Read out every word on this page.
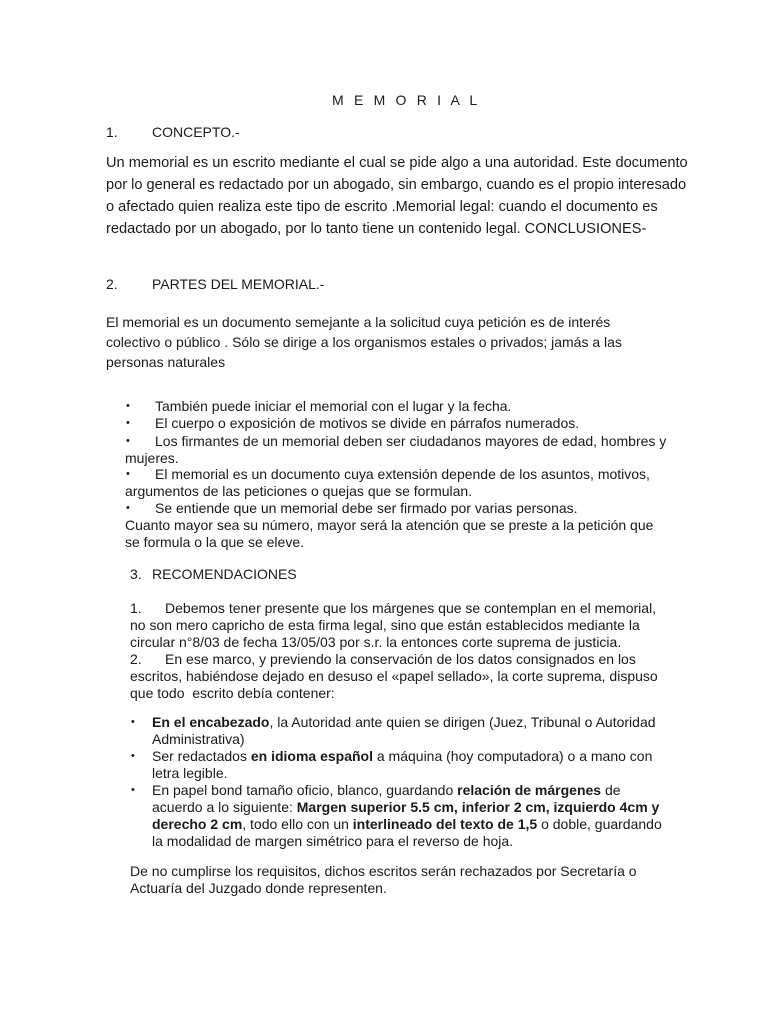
M E M O R I A L
1. CONCEPTO.-
Un memorial es un escrito mediante el cual se pide algo a una autoridad. Este documento
por lo general es redactado por un abogado, sin embargo, cuando es el propio interesado
o afectado quien realiza este tipo de escrito .Memorial legal: cuando el documento es
redactado por un abogado, por lo tanto tiene un contenido legal. CONCLUSIONES-
2. PARTES DEL MEMORIAL.-
El memorial es un documento semejante a la solicitud cuya petición es de interés
colectivo o público . Sólo se dirige a los organismos estales o privados; jamás a las
personas naturales
• También puede iniciar el memorial con el lugar y la fecha.
• El cuerpo o exposición de motivos se divide en párrafos numerados.
• Los firmantes de un memorial deben ser ciudadanos mayores de edad, hombres y
mujeres.
• El memorial es un documento cuya extensión depende de los asuntos, motivos,
argumentos de las peticiones o quejas que se formulan.
• Se entiende que un memorial debe ser firmado por varias personas.
Cuanto mayor sea su número, mayor será la atención que se preste a la petición que
se formula o la que se eleve.
3. RECOMENDACIONES
1.      Debemos tener presente que los márgenes que se contemplan en el memorial,
no son mero capricho de esta firma legal, sino que están establecidos mediante la
circular n°8/03 de fecha 13/05/03 por s.r. la entonces corte suprema de justicia.
2.      En ese marco, y previendo la conservación de los datos consignados en los
escritos, habiéndose dejado en desuso el «papel sellado», la corte suprema, dispuso
que todo  escrito debía contener:
• En el encabezado, la Autoridad ante quien se dirigen (Juez, Tribunal o Autoridad
Administrativa)
• Ser redactados en idioma español a máquina (hoy computadora) o a mano con
letra legible.
• En papel bond tamaño oficio, blanco, guardando relación de márgenes de
acuerdo a lo siguiente: Margen superior 5.5 cm, inferior 2 cm, izquierdo 4cm y
derecho 2 cm, todo ello con un interlineado del texto de 1,5 o doble, guardando
la modalidad de margen simétrico para el reverso de hoja.
De no cumplirse los requisitos, dichos escritos serán rechazados por Secretaría o
Actuaría del Juzgado donde representen.
